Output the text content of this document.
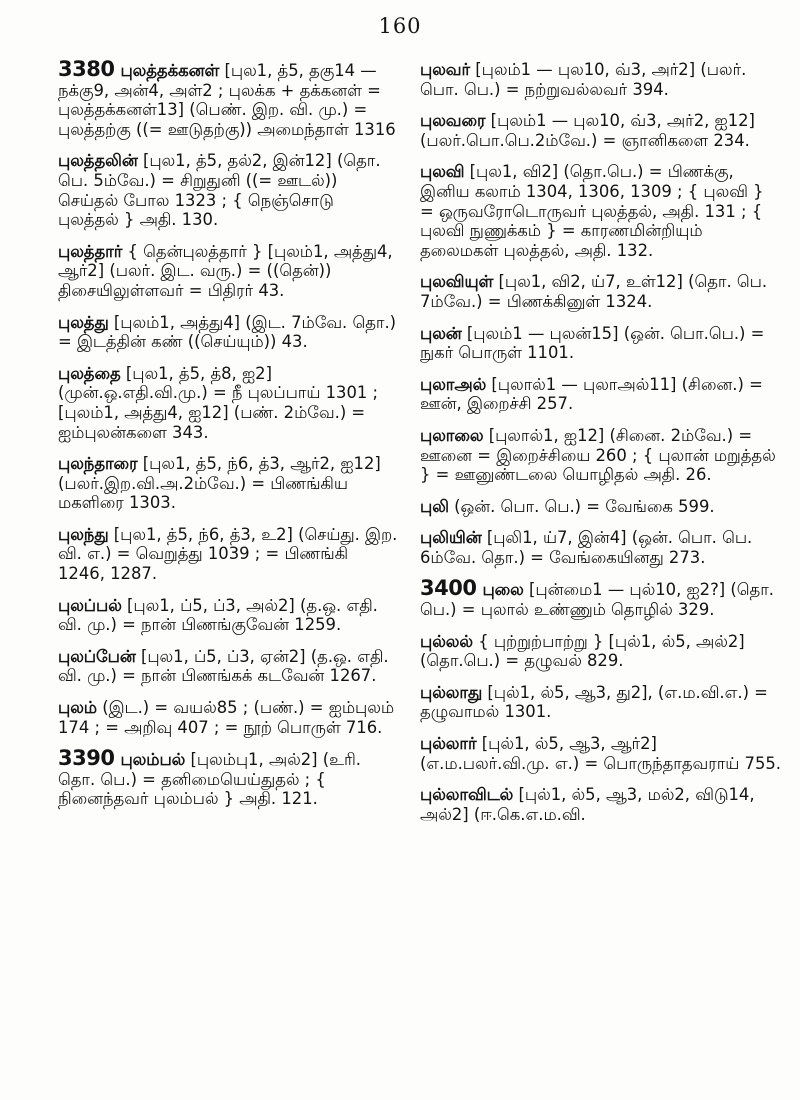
160

3380 புலத்தக்கனள் [புல1, த்5, தகு14 — நக்கு9, அன்4, அள்2 ; புலக்க + தக்கனள் = புலத்தக்கனள்13] (பெண். இற. வி. மு.) = புலத்தற்கு ((= ஊடுதற்கு)) அமைந்தாள் 1316

புலத்தலின் [புல1, த்5, தல்2, இன்12] (தொ. பெ. 5ம்வே.) = சிறுதுனி ((= ஊடல்)) செய்தல் போல 1323 ; { நெஞ்சொடு புலத்தல் } அதி. 130.

புலத்தார் { தென்புலத்தார் } [புலம்1, அத்து4, ஆர்2] (பலர். இட. வரு.) = ((தென்)) திசையிலுள்ளவர் = பிதிரர் 43.

புலத்து [புலம்1, அத்து4] (இட. 7ம்வே. தொ.) = இடத்தின் கண் ((செய்யும்)) 43.

புலத்தை [புல1, த்5, த்8, ஐ2] (முன்.ஒ.எதி.வி.மு.) = நீ புலப்பாய் 1301 ; [புலம்1, அத்து4, ஐ12] (பண். 2ம்வே.) = ஐம்புலன்களை 343.

புலந்தாரை [புல1, த்5, ந்6, த்3, ஆர்2, ஐ12] (பலர்.இற.வி.அ.2ம்வே.) = பிணங்கிய மகளிரை 1303.

புலந்து [புல1, த்5, ந்6, த்3, உ2] (செய்து. இற. வி. எ.) = வெறுத்து 1039 ; = பிணங்கி 1246, 1287.

புலப்பல் [புல1, ப்5, ப்3, அல்2] (த.ஒ. எதி. வி. மு.) = நான் பிணங்குவேன் 1259.

புலப்பேன் [புல1, ப்5, ப்3, ஏன்2] (த.ஒ. எதி. வி. மு.) = நான் பிணங்கக் கடவேன் 1267.

புலம் (இட.) = வயல்85 ; (பண்.) = ஐம்புலம் 174 ; = அறிவு 407 ; = நூற் பொருள் 716.

3390 புலம்பல் [புலம்பு1, அல்2] (உரி. தொ. பெ.) = தனிமையெய்துதல் ; { நினைந்தவர் புலம்பல் } அதி. 121.

புலவர் [புலம்1 — புல10, வ்3, அர்2] (பலர். பொ. பெ.) = நற்றுவல்லவர் 394.

புலவரை [புலம்1 — புல10, வ்3, அர்2, ஐ12] (பலர்.பொ.பெ.2ம்வே.) = ஞானிகளை 234.

புலவி [புல1, வி2] (தொ.பெ.) = பிணக்கு, இனிய கலாம் 1304, 1306, 1309 ; { புலவி } = ஒருவரோடொருவர் புலத்தல், அதி. 131 ; { புலவி நுணுக்கம் } = காரணமின்றியும் தலைமகள் புலத்தல், அதி. 132.

புலவியுள் [புல1, வி2, ய்7, உள்12] (தொ. பெ. 7ம்வே.) = பிணக்கினுள் 1324.

புலன் [புலம்1 — புலன்15] (ஒன். பொ.பெ.) = நுகர் பொருள் 1101.

புலாஅல் [புலால்1 — புலாஅல்11] (சினை.) = ஊன், இறைச்சி 257.

புலாலை [புலால்1, ஐ12] (சினை. 2ம்வே.) = ஊனை = இறைச்சியை 260 ; { புலான் மறுத்தல் } = ஊனுண்டலை யொழிதல் அதி. 26.

புலி (ஒன். பொ. பெ.) = வேங்கை 599.

புலியின் [புலி1, ய்7, இன்4] (ஒன். பொ. பெ. 6ம்வே. தொ.) = வேங்கையினது 273.

3400 புலை [புன்மை1 — புல்10, ஐ2?] (தொ. பெ.) = புலால் உண்ணும் தொழில் 329.

புல்லல் { புற்றுற்பாற்று } [புல்1, ல்5, அல்2] (தொ.பெ.) = தழுவல் 829.

புல்லாது [புல்1, ல்5, ஆ3, து2], (எ.ம.வி.எ.) = தழுவாமல் 1301.

புல்லார் [புல்1, ல்5, ஆ3, ஆர்2] (எ.ம.பலர்.வி.மு. எ.) = பொருந்தாதவராய் 755.

புல்லாவிடல் [புல்1, ல்5, ஆ3, மல்2, விடு14, அல்2] (ஈ.கெ.எ.ம.வி.
